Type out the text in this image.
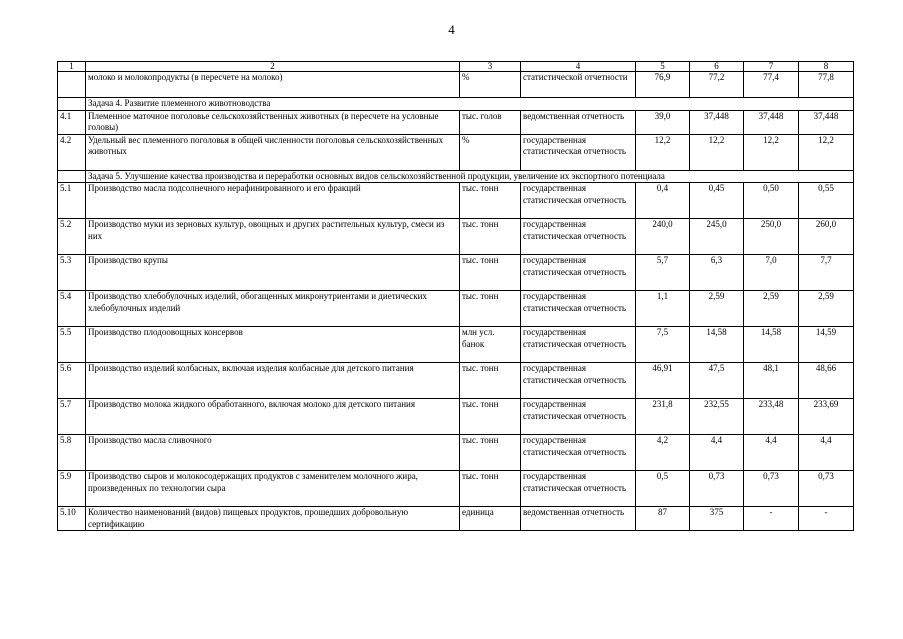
4
1	2	3	4	5	6	7	8
	молоко и молокопродукты (в пересчете на молоко)	%	статистической отчетности	76,9	77,2	77,4	77,8
	Задача 4. Развитие племенного животноводства						
4.1	Племенное маточное поголовье сельскохозяйственных животных (в пересчете на условные головы)	тыс. голов	ведомственная отчетность	39,0	37,448	37,448	37,448
4.2	Удельный вес племенного поголовья в общей численности поголовья сельскохозяйственных животных	%	государственная статистическая отчетность	12,2	12,2	12,2	12,2
	Задача 5. Улучшение качества производства и переработки основных видов сельскохозяйственной продукции, увеличение их экспортного потенциала						
5.1	Производство масла подсолнечного нерафинированного и его фракций	тыс. тонн	государственная статистическая отчетность	0,4	0,45	0,50	0,55
5.2	Производство муки из зерновых культур, овощных и других растительных культур, смеси из них	тыс. тонн	государственная статистическая отчетность	240,0	245,0	250,0	260,0
5.3	Производство крупы	тыс. тонн	государственная статистическая отчетность	5,7	6,3	7,0	7,7
5.4	Производство хлебобулочных изделий, обогащенных микронутриентами и диетических хлебобулочных изделий	тыс. тонн	государственная статистическая отчетность	1,1	2,59	2,59	2,59
5.5	Производство плодоовощных консервов	млн усл. банок	государственная статистическая отчетность	7,5	14,58	14,58	14,59
5.6	Производство изделий колбасных, включая изделия колбасные для детского питания	тыс. тонн	государственная статистическая отчетность	46,91	47,5	48,1	48,66
5.7	Производство молока жидкого обработанного, включая молоко для детского питания	тыс. тонн	государственная статистическая отчетность	231,8	232,55	233,48	233,69
5.8	Производство масла сливочного	тыс. тонн	государственная статистическая отчетность	4,2	4,4	4,4	4,4
5.9	Производство сыров и молокосодержащих продуктов с заменителем молочного жира, произведенных по технологии сыра	тыс. тонн	государственная статистическая отчетность	0,5	0,73	0,73	0,73
5.10	Количество наименований (видов) пищевых продуктов, прошедших добровольную сертификацию	единица	ведомственная отчетность	87	375	-	-
